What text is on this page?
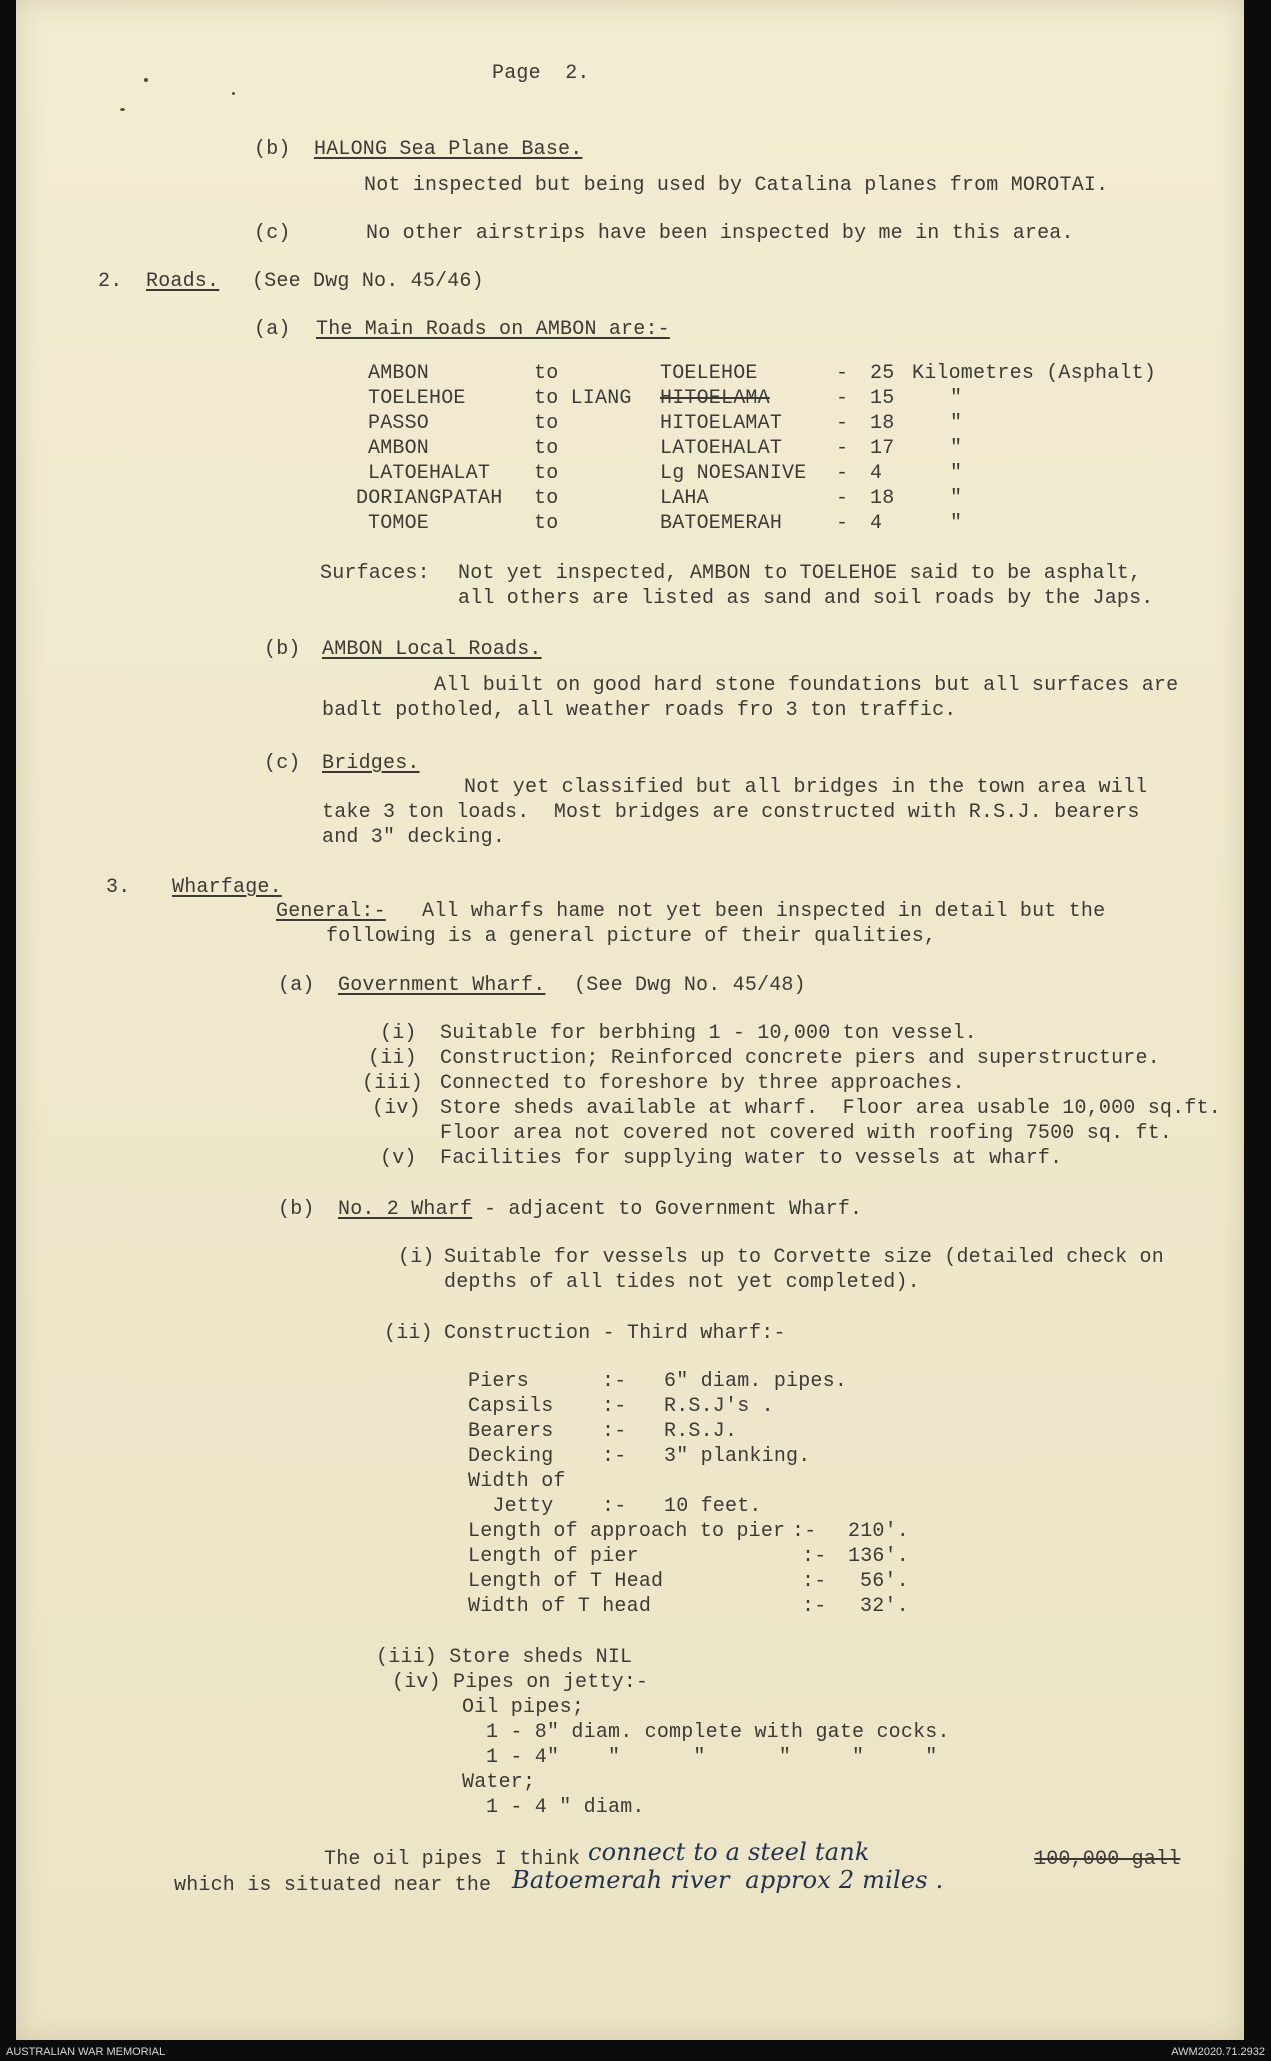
Page  2.
(b) HALONG Sea Plane Base.
Not inspected but being used by Catalina planes from MOROTAI.
(c)	No other airstrips have been inspected by me in this area.
2. Roads. (See Dwg No. 45/46)
(a) The Main Roads on AMBON are:-
AMBON	to	TOELEHOE	- 25 Kilometres (Asphalt)
TOELEHOE	to LIANG HITOELAMA	- 15	"
PASSO	to	HITOELAMAT	- 18	"
AMBON	to	LATOEHALAT	- 17	"
LATOEHALAT to	Lg NOESANIVE - 4	"
DORIANGPATAH to	LAHA	- 18	"
TOMOE	to	BATOEMERAH	- 4	"
Surfaces: Not yet inspected, AMBON to TOELEHOE said to be asphalt,
all others are listed as sand and soil roads by the Japs.
(b) AMBON Local Roads.
All built on good hard stone foundations but all surfaces are
badlt potholed, all weather roads fro 3 ton traffic.
(c) Bridges.
Not yet classified but all bridges in the town area will
take 3 ton loads.  Most bridges are constructed with R.S.J. bearers
and 3" decking.
3. Wharfage.
General:- All wharfs hame not yet been inspected in detail but the
following is a general picture of their qualities,
(a) Government Wharf. (See Dwg No. 45/48)
(i) Suitable for berbhing 1 - 10,000 ton vessel.
(ii) Construction; Reinforced concrete piers and superstructure.
(iii) Connected to foreshore by three approaches.
(iv) Store sheds available at wharf.  Floor area usable 10,000 sq.ft.
Floor area not covered not covered with roofing 7500 sq. ft.
(v) Facilities for supplying water to vessels at wharf.
(b) No. 2 Wharf - adjacent to Government Wharf.
(i) Suitable for vessels up to Corvette size (detailed check on
depths of all tides not yet completed).
(ii) Construction - Third wharf:-
Piers	:- 6" diam. pipes.
Capsils :- R.S.J's .
Bearers :- R.S.J.
Decking :- 3" planking.
Width of
Jetty :- 10 feet.
Length of approach to pier :- 210'.
Length of pier	:- 136'.
Length of T Head	:- 56'.
Width of T head	:- 32'.
(iii) Store sheds NIL
(iv) Pipes on jetty:-
Oil pipes;
1 - 8" diam. complete with gate cocks.
1 - 4"    "      "      "     "     "
Water;
1 - 4 " diam.
The oil pipes I think connect to a steel tank	100,000 gall
which is situated near the Batoemerah river  approx 2 miles .
AUSTRALIAN WAR MEMORIAL	AWM2020.71.2932
